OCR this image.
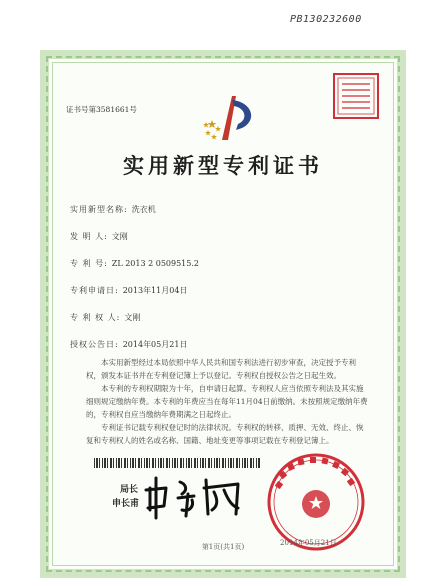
PB130232600
证书号第3581661号
实用新型专利证书
实用新型名称: 洗衣机
发 明 人: 文刚
专 利 号: ZL 2013 2 0509515.2
专利申请日: 2013年11月04日
专 利 权 人: 文刚
授权公告日: 2014年05月21日

本实用新型经过本局依照中华人民共和国专利法进行初步审查，决定授予专利权，颁发本证书并在专利登记簿上予以登记。专利权自授权公告之日起生效。

本专利的专利权期限为十年，自申请日起算。专利权人应当依照专利法及其实施细则规定缴纳年费。本专利的年费应当在每年11月04日前缴纳。未按照规定缴纳年费的，专利权自应当缴纳年费期满之日起终止。

专利证书记载专利权登记时的法律状况。专利权的转移、质押、无效、终止、恢复和专利权人的姓名或名称、国籍、地址变更等事项记载在专利登记簿上。

局长
申长甫
2014年05月21日
第1页(共1页)
